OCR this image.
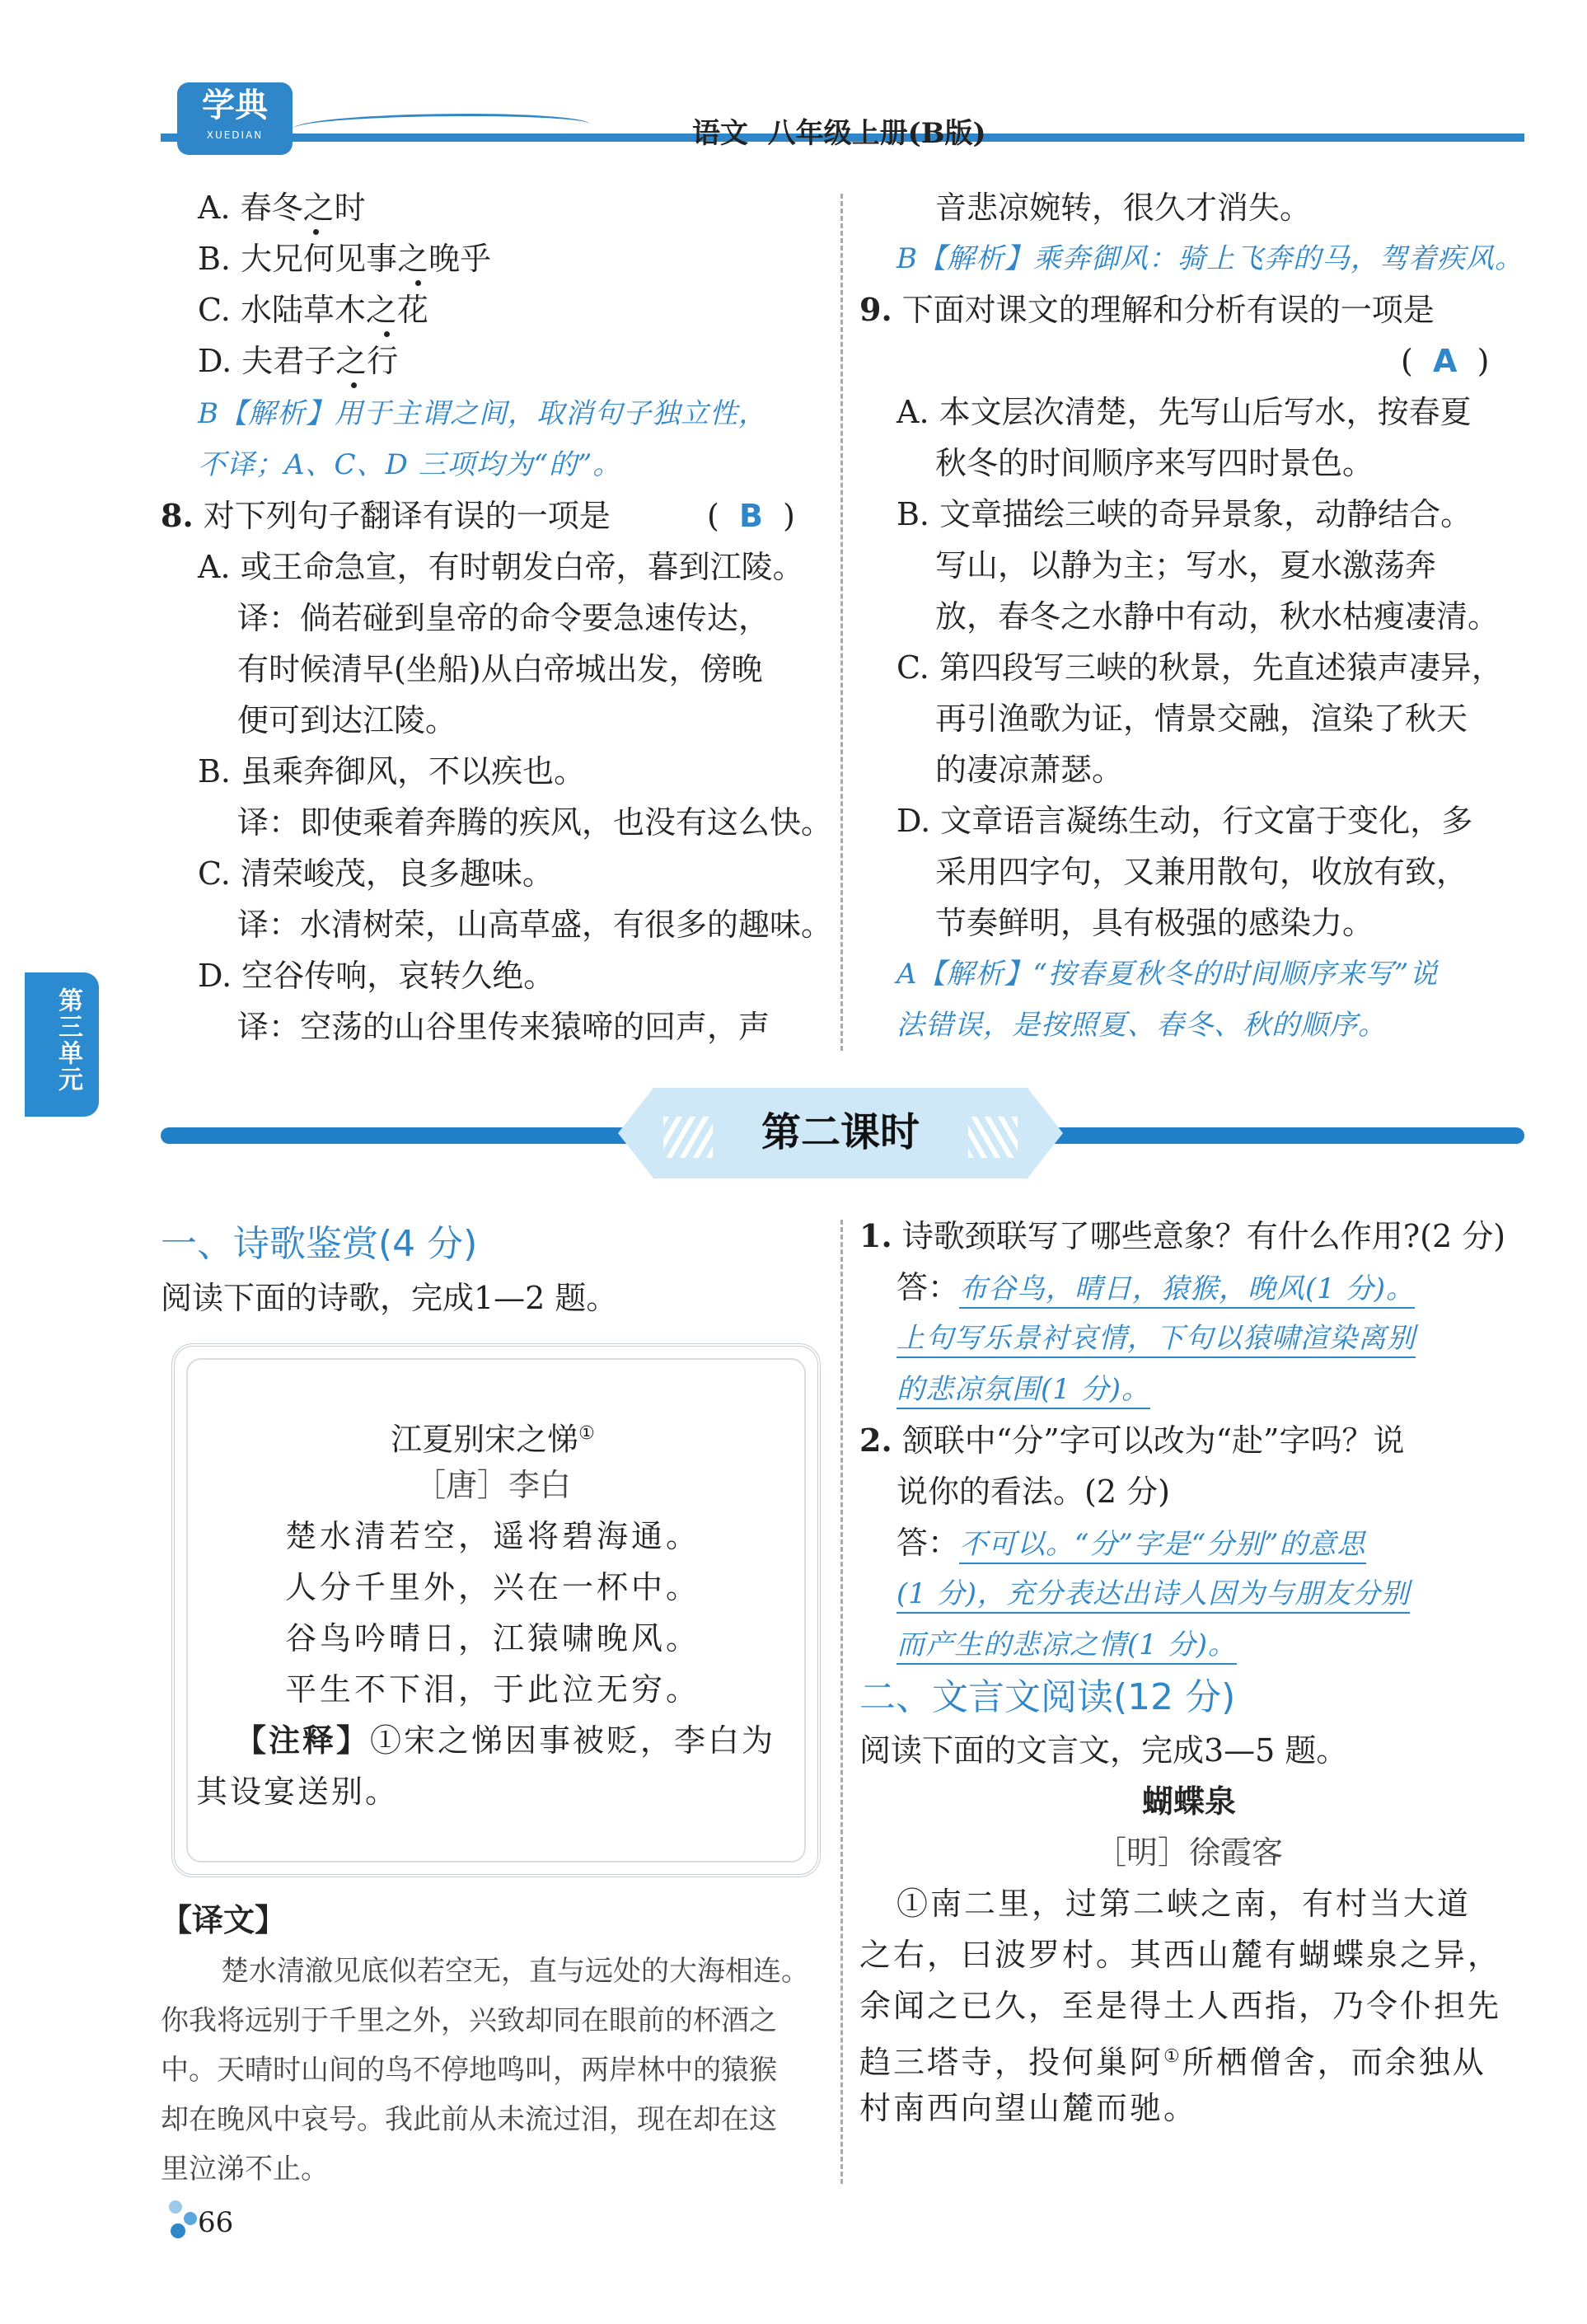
学典
XUEDIAN	语文  八年级上册(B版)
第三单元
A. 春冬之时
B. 大兄何见事之晚乎
C. 水陆草木之花
D. 夫君子之行
B【解析】用于主谓之间，取消句子独立性，
不译；A、C、D 三项均为“的”。
8. 对下列句子翻译有误的一项是	(  B  )
A. 或王命急宣，有时朝发白帝，暮到江陵。
译：倘若碰到皇帝的命令要急速传达，
有时候清早(坐船)从白帝城出发，傍晚
便可到达江陵。
B. 虽乘奔御风，不以疾也。
译：即使乘着奔腾的疾风，也没有这么快。
C. 清荣峻茂，良多趣味。
译：水清树荣，山高草盛，有很多的趣味。
D. 空谷传响，哀转久绝。
译：空荡的山谷里传来猿啼的回声，声
音悲凉婉转，很久才消失。
B【解析】乘奔御风：骑上飞奔的马，驾着疾风。
9. 下面对课文的理解和分析有误的一项是
(  A  )
A. 本文层次清楚，先写山后写水，按春夏
秋冬的时间顺序来写四时景色。
B. 文章描绘三峡的奇异景象，动静结合。
写山，以静为主；写水，夏水激荡奔
放，春冬之水静中有动，秋水枯瘦凄清。
C. 第四段写三峡的秋景，先直述猿声凄异，
再引渔歌为证，情景交融，渲染了秋天
的凄凉萧瑟。
D. 文章语言凝练生动，行文富于变化，多
采用四字句，又兼用散句，收放有致，
节奏鲜明，具有极强的感染力。
A【解析】“按春夏秋冬的时间顺序来写”说
法错误，是按照夏、春冬、秋的顺序。
第二课时
一、诗歌鉴赏(4 分)
阅读下面的诗歌，完成1—2 题。
江夏别宋之悌①
［唐］李白
楚水清若空，遥将碧海通。
人分千里外，兴在一杯中。
谷鸟吟晴日，江猿啸晚风。
平生不下泪，于此泣无穷。
【注释】①宋之悌因事被贬，李白为
其设宴送别。
【译文】
楚水清澈见底似若空无，直与远处的大海相连。
你我将远别于千里之外，兴致却同在眼前的杯酒之
中。天晴时山间的鸟不停地鸣叫，两岸林中的猿猴
却在晚风中哀号。我此前从未流过泪，现在却在这
里泣涕不止。
1. 诗歌颈联写了哪些意象？有什么作用?(2 分)
答：布谷鸟，晴日，猿猴，晚风(1 分)。
上句写乐景衬哀情，下句以猿啸渲染离别
的悲凉氛围(1 分)。
2. 颔联中“分”字可以改为“赴”字吗？说
说你的看法。(2 分)
答：不可以。“分”字是“分别”的意思
(1 分)，充分表达出诗人因为与朋友分别
而产生的悲凉之情(1 分)。
二、文言文阅读(12 分)
阅读下面的文言文，完成3—5 题。
蝴蝶泉
［明］徐霞客
①南二里，过第二峡之南，有村当大道
之右，曰波罗村。其西山麓有蝴蝶泉之异，
余闻之已久，至是得土人西指，乃令仆担先
趋三塔寺，投何巢阿①所栖僧舍，而余独从
村南西向望山麓而驰。
66
